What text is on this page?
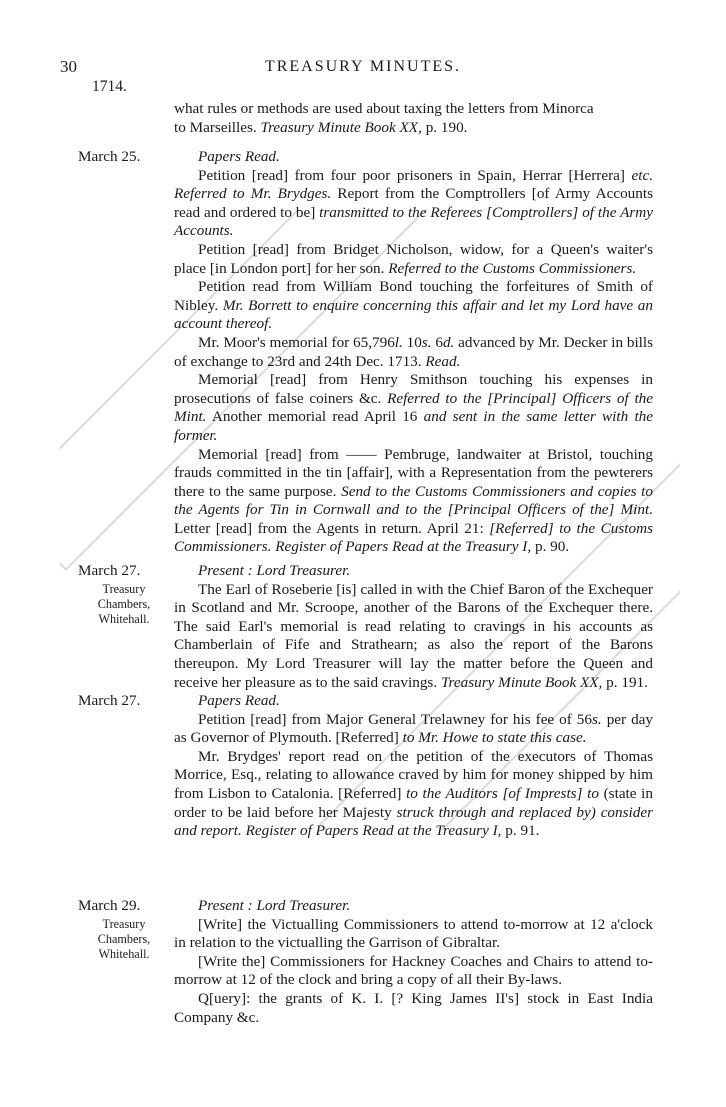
30	TREASURY MINUTES.
1714.
what rules or methods are used about taxing the letters from Minorca
to Marseilles. Treasury Minute Book XX, p. 190.
March 25.	Papers Read.

Petition [read] from four poor prisoners in Spain, Herrar [Herrera] etc. Referred to Mr. Brydges. Report from the Comptrollers [of Army Accounts read and ordered to be] transmitted to the Referees [Comptrollers] of the Army Accounts.

Petition [read] from Bridget Nicholson, widow, for a Queen's waiter's place [in London port] for her son. Referred to the Customs Commissioners.

Petition read from William Bond touching the forfeitures of Smith of Nibley. Mr. Borrett to enquire concerning this affair and let my Lord have an account thereof.

Mr. Moor's memorial for 65,796l. 10s. 6d. advanced by Mr. Decker in bills of exchange to 23rd and 24th Dec. 1713. Read.

Memorial [read] from Henry Smithson touching his expenses in prosecutions of false coiners &c. Referred to the [Principal] Officers of the Mint. Another memorial read April 16 and sent in the same letter with the former.

Memorial [read] from —— Pembruge, landwaiter at Bristol, touching frauds committed in the tin [affair], with a Representation from the pewterers there to the same purpose. Send to the Customs Commissioners and copies to the Agents for Tin in Cornwall and to the [Principal Officers of the] Mint. Letter [read] from the Agents in return. April 21: [Referred] to the Customs Commissioners. Register of Papers Read at the Treasury I, p. 90.

March 27.
Treasury
Chambers,
Whitehall.

Present : Lord Treasurer.

The Earl of Roseberie [is] called in with the Chief Baron of the Exchequer in Scotland and Mr. Scroope, another of the Barons of the Exchequer there. The said Earl's memorial is read relating to cravings in his accounts as Chamberlain of Fife and Strathearn; as also the report of the Barons thereupon. My Lord Treasurer will lay the matter before the Queen and receive her pleasure as to the said cravings. Treasury Minute Book XX, p. 191.

March 27.	Papers Read.

Petition [read] from Major General Trelawney for his fee of 56s. per day as Governor of Plymouth. [Referred] to Mr. Howe to state this case.

Mr. Brydges' report read on the petition of the executors of Thomas Morrice, Esq., relating to allowance craved by him for money shipped by him from Lisbon to Catalonia. [Referred] to the Auditors [of Imprests] to (state in order to be laid before her Majesty struck through and replaced by) consider and report. Register of Papers Read at the Treasury I, p. 91.

March 29.
Treasury
Chambers,
Whitehall.

Present : Lord Treasurer.

[Write] the Victualling Commissioners to attend to-morrow at 12 a'clock in relation to the victualling the Garrison of Gibraltar.

[Write the] Commissioners for Hackney Coaches and Chairs to attend to-morrow at 12 of the clock and bring a copy of all their By-laws.

Q[uery]: the grants of K. I. [? King James II's] stock in East India Company &c.
